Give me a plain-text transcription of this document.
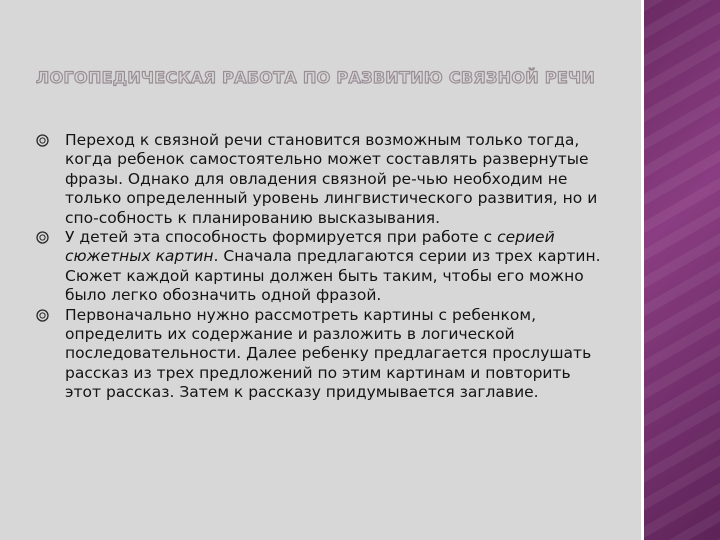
ЛОГОПЕДИЧЕСКАЯ РАБОТА ПО РАЗВИТИЮ СВЯЗНОЙ РЕЧИ
Переход к связной речи становится возможным только тогда, когда ребенок самостоятельно может составлять развернутые фразы. Однако для овладения связной ре-чью необходим не только определенный уровень лингвистического развития, но и спо-собность к планированию высказывания.
У детей эта способность формируется при работе с серией сюжетных картин. Сначала предлагаются серии из трех картин. Сюжет каждой картины должен быть таким, чтобы его можно было легко обозначить одной фразой.
Первоначально нужно рассмотреть картины с ребенком, определить их содержание и разложить в логической последовательности. Далее ребенку предлагается прослушать рассказ из трех предложений по этим картинам и повторить этот рассказ. Затем к рассказу придумывается заглавие.
